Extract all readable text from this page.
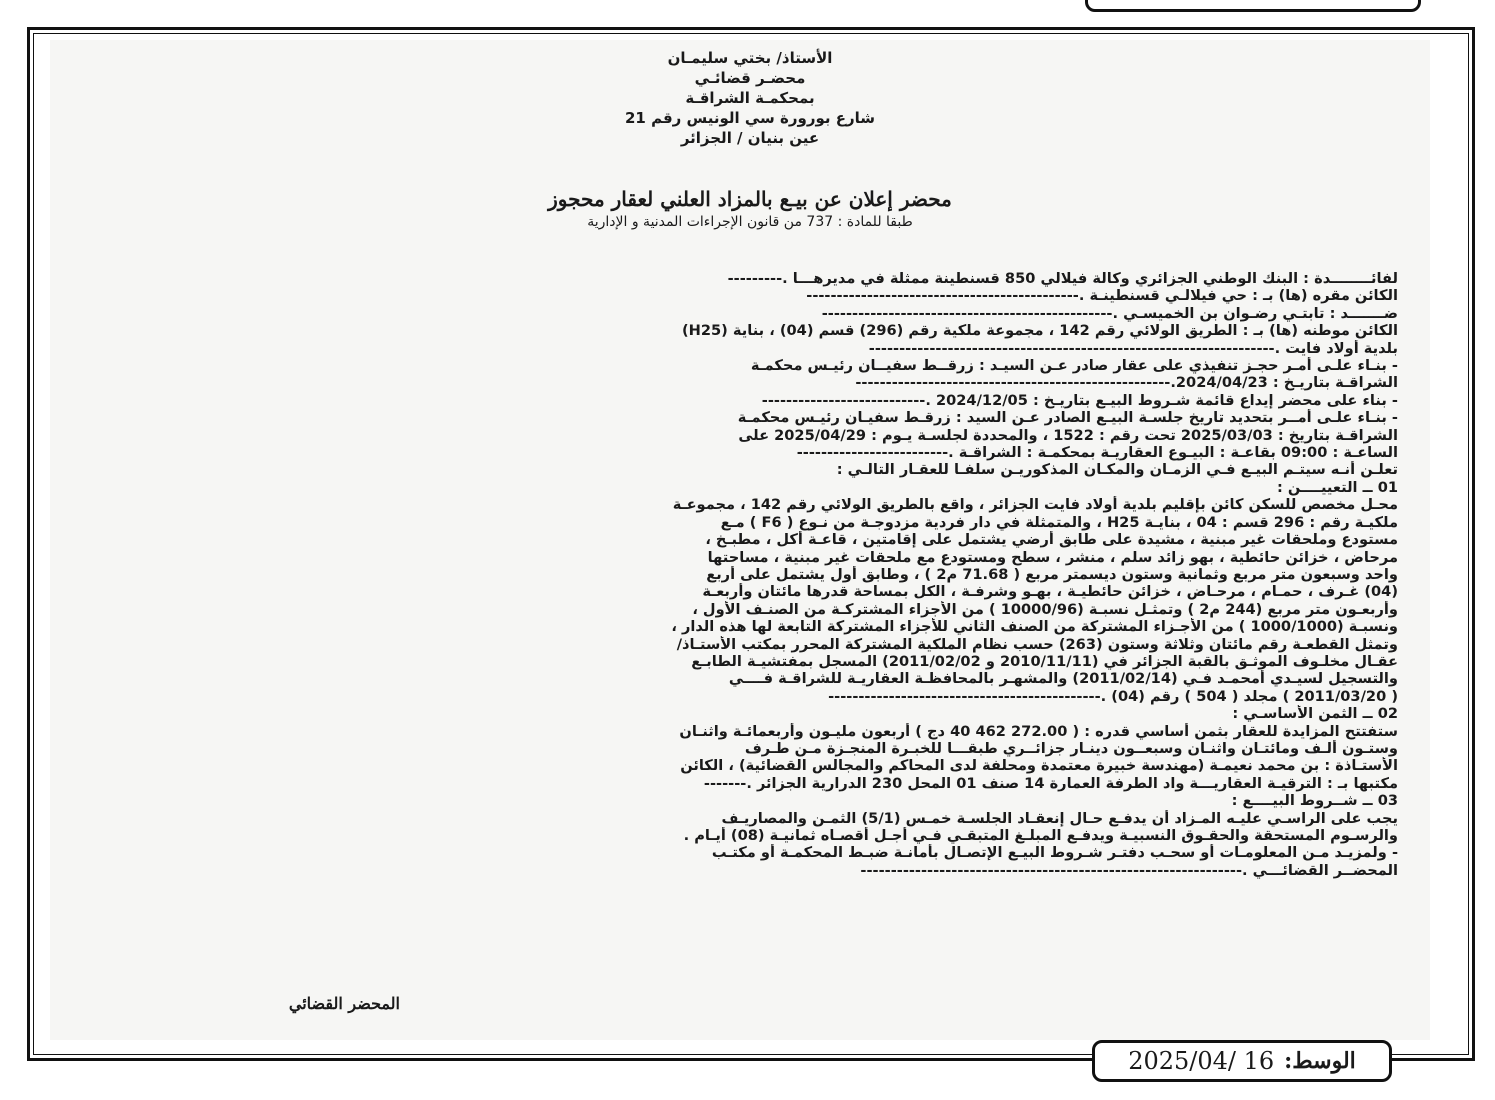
الأستاذ/ بختي سليمـان
محضـر قضائـي
بمحكمـة الشراقـة
شارع بورورة سي الونيس رقم 21
عين بنيان / الجزائر
محضر إعلان عن بيـع بالمزاد العلني لعقار محجوز
طبقا للمادة : 737 من قانون الإجراءات المدنية و الإدارية
لفائــــــــدة : البنك الوطني الجزائري وكالة فيلالي 850 قسنطينة ممثلة في مديرهـــا .---------
الكائن مقره (ها) بـ : حي فيلالـي قسنطينـة .---------------------------------------------
ضـــــــد : تابتـي رضـوان بن الخميسـي .------------------------------------------------
الكائن موطنه (ها) بـ : الطريق الولائي رقم 142 ، مجموعة ملكية رقم (296) قسم (04) ، بناية (H25)
بلدية أولاد فايت .-------------------------------------------------------------------
- بنـاء علـى أمـر حجـز تنفيذي على عقار صادر عـن السيـد : زرقــط سفيــان رئيـس محكمـة
الشراقـة بتاريـخ : 2024/04/23.----------------------------------------------------
- بناء على محضر إيداع قائمة شـروط البيـع بتاريـخ : 2024/12/05 .---------------------------
- بنـاء علـى أمــر بتحديد تاريخ جلسـة البيـع الصادر عـن السيد : زرقـط سفيـان رئيـس محكمـة
الشراقـة بتاريخ : 2025/03/03 تحت رقم : 1522 ، والمحددة لجلسـة يـوم : 2025/04/29 على
الساعـة : 09:00 بقاعـة : البيـوع العقاريـة بمحكمـة : الشراقـة .-------------------------
تعلـن أنـه سيتـم البيـع فـي الزمـان والمكـان المذكوريـن سلفـا للعقـار التالـي :
01 ــ التعييــــن :
محـل مخصص للسكن كائن بإقليم بلدية أولاد فايت الجزائر ، واقع بالطريق الولائي رقم 142 ، مجموعـة
ملكيـة رقم : 296 قسم : 04 ، بنايـة H25 ، والمتمثلة في دار فردية مزدوجـة من نـوع ( F6 ) مـع
مستودع وملحقات غير مبنية ، مشيدة على طابق أرضي يشتمل على إقامتين ، قاعـة أكل ، مطبـخ ،
مرحاض ، خزائن حائطية ، بهو زائد سلم ، منشر ، سطح ومستودع مع ملحقات غير مبنية ، مساحتها
واحد وسبعون متر مربع وثمانية وستون ديسمتر مربع ( 71.68 م2 ) ، وطابق أول يشتمل على أربع
(04) غـرف ، حمـام ، مرحـاض ، خزائن حائطيـة ، بهـو وشرفـة ، الكل بمساحة قدرها مائتان وأربعـة
وأربعـون متر مربع (244 م2 ) وتمثـل نسبـة (10000/96 ) من الأجزاء المشتركـة من الصنـف الأول ،
ونسبـة (1000/1000 ) من الأجـزاء المشتركة من الصنف الثاني للأجزاء المشتركة التابعة لها هذه الدار ،
وتمثل القطعـة رقم مائتان وثلاثة وستون (263) حسب نظام الملكية المشتركة المحرر بمكتب الأستـاذ/
عقـال مخلـوف الموثـق بالقبة الجزائر في (2010/11/11 و 2011/02/02) المسجل بمفتشيـة الطابـع
والتسجيل لسيـدي أمحمـد فـي (2011/02/14) والمشهـر بالمحافظـة العقاريـة للشراقـة فــــي
( 2011/03/20 ) مجلد ( 504 ) رقم (04) .---------------------------------------------
02 ــ الثمن الأساسـي :
ستفتتح المزايدة للعقار بثمن أساسي قدره : ( 272.00 462 40 دج ) أربعون مليـون وأربعمائـة واثنـان
وستـون ألـف ومائتـان واثنـان وسبعــون دينـار جزائــري طبقـــا للخبـرة المنجـزة مـن طـرف
الأستـاذة : بن محمد نعيمـة (مهندسة خبيرة معتمدة ومحلفة لدى المحاكم والمجالس القضائية) ، الكائن
مكتبها بـ : الترقيـة العقاريـــة واد الطرفة العمارة 14 صنف 01 المحل 230 الدرارية الجزائر .-------
03 ــ شــروط البيــــع :
يجب على الراسـي عليـه المـزاد أن يدفـع حـال إنعقـاد الجلسـة خمـس (5/1) الثمـن والمصاريـف
والرسـوم المستحقة والحقـوق النسبيـة ويدفـع المبلـغ المتبقـي فـي أجـل أقصـاه ثمانيـة (08) أيـام .
- ولمزيـد مـن المعلومـات أو سحـب دفتـر شـروط البيـع الإتصـال بأمانـة ضبـط المحكمـة أو مكتـب
المحضــر القضائـــي .---------------------------------------------------------------
المحضر القضائي
الوسط:
2025/04/ 16
